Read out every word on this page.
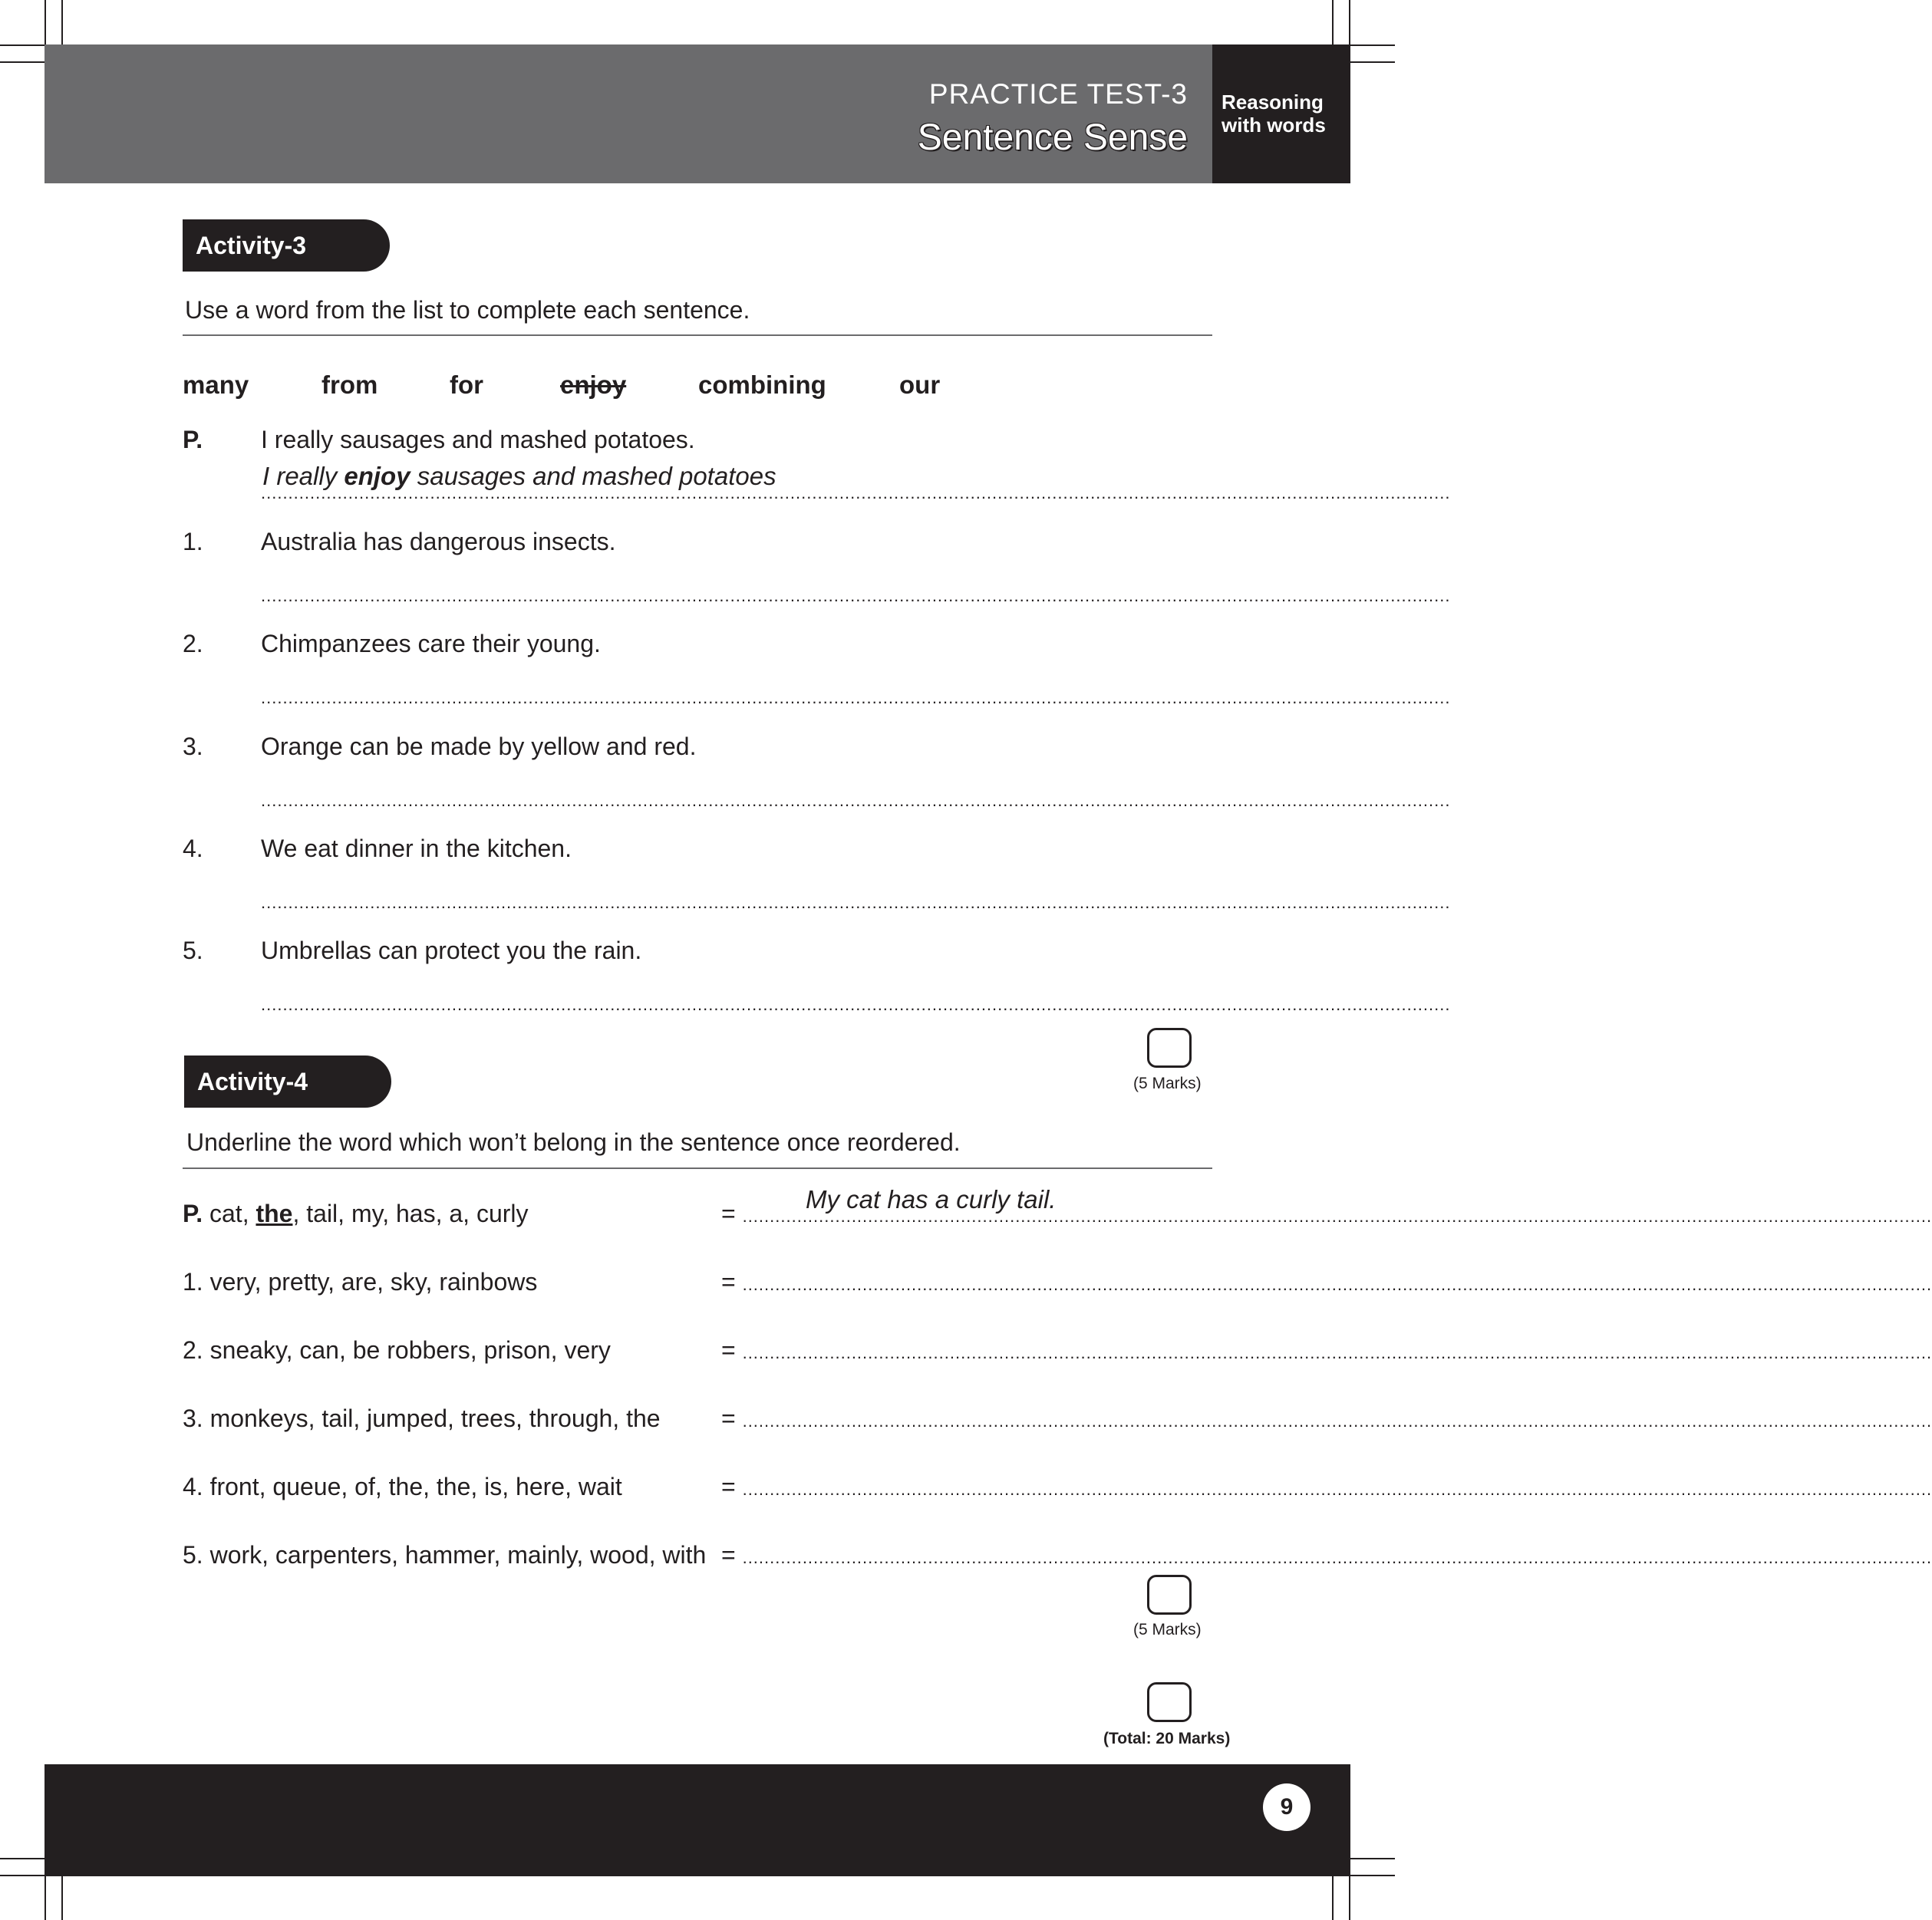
PRACTICE TEST-3
Sentence Sense
Reasoning
with words
Activity-3
Use a word from the list to complete each sentence.
many	from	for	enjoy	combining	our
P. I really sausages and mashed potatoes.
I really enjoy sausages and mashed potatoes
..........................................................................................................................................................................................................................
1. Australia has dangerous insects.
..........................................................................................................................................................................................................................
2. Chimpanzees care their young.
..........................................................................................................................................................................................................................
3. Orange can be made by yellow and red.
..........................................................................................................................................................................................................................
4. We eat dinner in the kitchen.
..........................................................................................................................................................................................................................
5. Umbrellas can protect you the rain.
..........................................................................................................................................................................................................................
(5 Marks)
Activity-4
Underline the word which won’t belong in the sentence once reordered.
My cat has a curly tail.
P. cat, the, tail, my, has, a, curly	= ..........................................................................................................................................................................................................................
1. very, pretty, are, sky, rainbows	= ..........................................................................................................................................................................................................................
2. sneaky, can, be robbers, prison, very	= ..........................................................................................................................................................................................................................
3. monkeys, tail, jumped, trees, through, the = ..........................................................................................................................................................................................................................
4. front, queue, of, the, the, is, here, wait	= ..........................................................................................................................................................................................................................
5. work, carpenters, hammer, mainly, wood, with = ..........................................................................................................................................................................................................................
(5 Marks)
(Total: 20 Marks)
9
